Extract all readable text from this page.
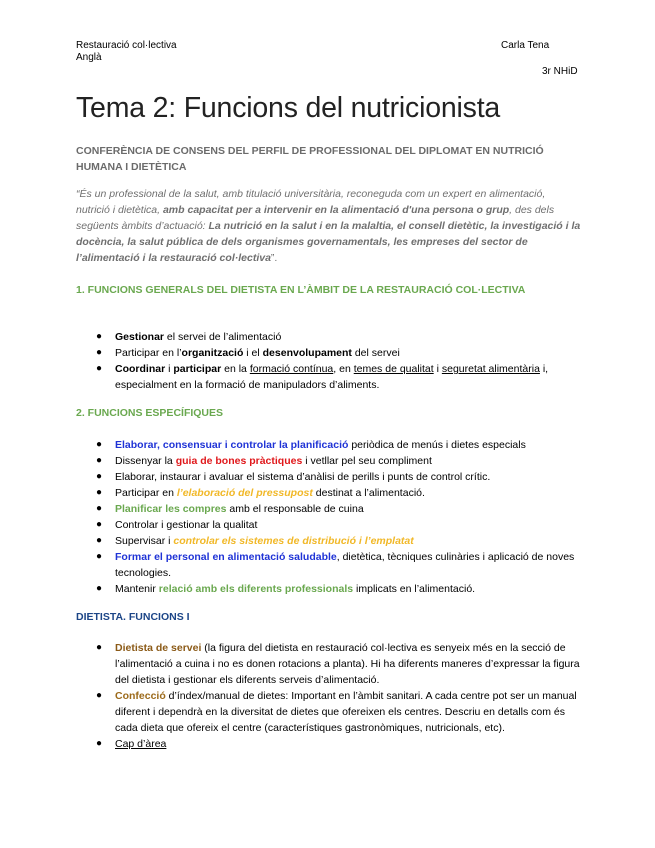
Restauració col·lectiva
Anglà
Carla Tena
3r NHiD
Tema 2: Funcions del nutricionista

CONFERÈNCIA DE CONSENS DEL PERFIL DE PROFESSIONAL DEL DIPLOMAT EN NUTRICIÓ HUMANA I DIETÈTICA

“És un professional de la salut, amb titulació universitària, reconeguda com un expert en alimentació, nutrició i dietètica, amb capacitat per a intervenir en la alimentació d'una persona o grup, des dels següents àmbits d’actuació: La nutrició en la salut i en la malaltia, el consell dietètic, la investigació i la docència, la salut pública de dels organismes governamentals, les empreses del sector de l’alimentació i la restauració col·lectiva”.

1. FUNCIONS GENERALS DEL DIETISTA EN L’ÀMBIT DE LA RESTAURACIÓ COL·LECTIVA

● Gestionar el servei de l’alimentació
● Participar en l’organització i el desenvolupament del servei
● Coordinar i participar en la formació contínua, en temes de qualitat i seguretat alimentària i, especialment en la formació de manipuladors d’aliments.

2. FUNCIONS ESPECÍFIQUES

● Elaborar, consensuar i controlar la planificació periòdica de menús i dietes especials
● Dissenyar la guia de bones pràctiques i vetllar pel seu compliment
● Elaborar, instaurar i avaluar el sistema d’anàlisi de perills i punts de control crític.
● Participar en l’elaboració del pressupost destinat a l’alimentació.
● Planificar les compres amb el responsable de cuina
● Controlar i gestionar la qualitat
● Supervisar i controlar els sistemes de distribució i l’emplatat
● Formar el personal en alimentació saludable, dietètica, tècniques culinàries i aplicació de noves tecnologies.
● Mantenir relació amb els diferents professionals implicats en l’alimentació.

DIETISTA. FUNCIONS I

● Dietista de servei (la figura del dietista en restauració col·lectiva es senyeix més en la secció de l’alimentació a cuina i no es donen rotacions a planta). Hi ha diferents maneres d’expressar la figura del dietista i gestionar els diferents serveis d’alimentació.
● Confecció d’índex/manual de dietes: Important en l’àmbit sanitari. A cada centre pot ser un manual diferent i dependrà en la diversitat de dietes que ofereixen els centres. Descriu en detalls com és cada dieta que ofereix el centre (característiques gastronòmiques, nutricionals, etc).
● Cap d’àrea
